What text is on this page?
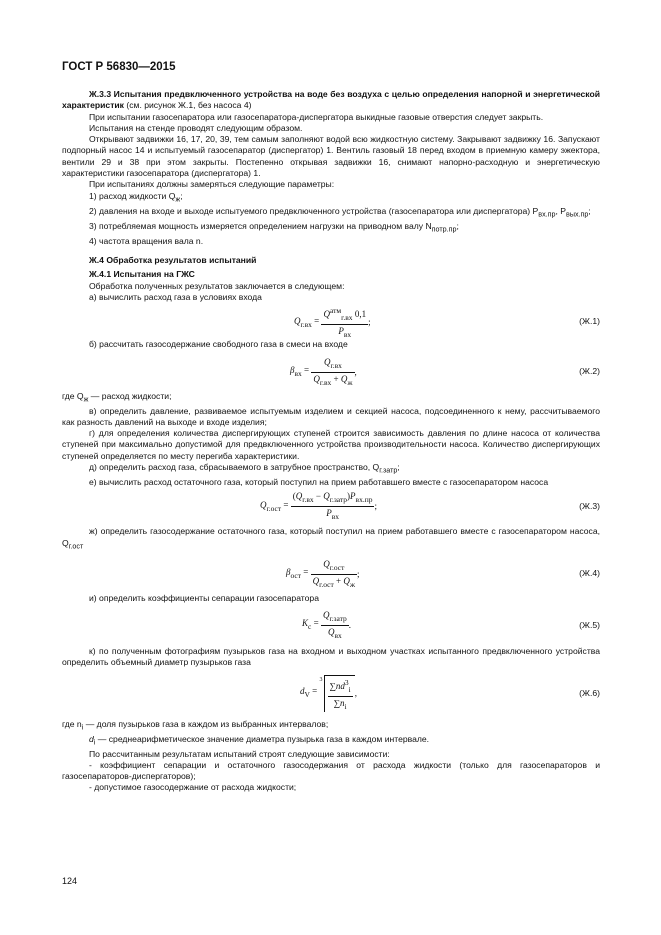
ГОСТ Р 56830—2015

Ж.3.3 Испытания предвключенного устройства на воде без воздуха с целью определения напорной и энергетической характеристик (см. рисунок Ж.1, без насоса 4)

При испытании газосепаратора или газосепаратора-диспергатора выкидные газовые отверстия следует закрыть.

Испытания на стенде проводят следующим образом.

Открывают задвижки 16, 17, 20, 39, тем самым заполняют водой всю жидкостную систему. Закрывают задвижку 16. Запускают подпорный насос 14 и испытуемый газосепаратор (диспергатор) 1. Вентиль газовый 18 перед входом в приемную камеру эжектора, вентили 29 и 38 при этом закрыты. Постепенно открывая задвижки 16, снимают напорно-расходную и энергетическую характеристики газосепаратора (диспергатора) 1.

При испытаниях должны замеряться следующие параметры:

1) расход жидкости $Q_ж$;

2) давления на входе и выходе испытуемого предвключенного устройства (газосепаратора или диспергатора) $P_{вх.пр}$, $P_{вых.пр}$;

3) потребляемая мощность измеряется определением нагрузки на приводном валу $N_{потр.пр}$;

4) частота вращения вала n.

Ж.4 Обработка результатов испытаний

Ж.4.1 Испытания на ГЖС

Обработка полученных результатов заключается в следующем:

а) вычислить расход газа в условиях входа

$Q_{г.вх}$ =
$Q^{атм}_{г.вх}$ 0,1
$P_{вх}$
;	(Ж.1)

б) рассчитать газосодержание свободного газа в смеси на входе

$\beta_{вх}$ =
$Q_{г.вх}$
$Q_{г.вх} + Q_ж$
,	(Ж.2)

где $Q_ж$ — расход жидкости;

в) определить давление, развиваемое испытуемым изделием и секцией насоса, подсоединенного к нему, рассчитываемого как разность давлений на выходе и входе изделия;

г) для определения количества диспергирующих ступеней строится зависимость давления по длине насоса от количества ступеней при максимально допустимой для предвключенного устройства производительности насоса. Количество диспергирующих ступеней определяется по месту перегиба характеристики.

д) определить расход газа, сбрасываемого в затрубное пространство, $Q_{г.затр}$;

е) вычислить расход остаточного газа, который поступил на прием работавшего вместе с газосепаратором насоса

$Q_{г.ост}$ =
$(Q_{г.вх} - Q_{г.затр})P_{вх.пр}$
$P_{вх}$
;	(Ж.3)

ж) определить газосодержание остаточного газа, который поступил на прием работавшего вместе с газосепаратором насоса, $Q_{г.ост}$

$\beta_{ост}$ =
$Q_{г.ост}$
$Q_{г.ост} + Q_ж$
;	(Ж.4)

и) определить коэффициенты сепарации газосепаратора

$K_с$ =
$Q_{г.затр}$
$Q_{вх}$
.	(Ж.5)

к) по полученным фотографиям пузырьков газа на входном и выходном участках испытанного предвключенного устройства определить объемный диаметр пузырьков газа

$d_V = ^3 \frac{\sum nd^3_i}{\sum n_i}$ ,	(Ж.6)

где $n_i$ — доля пузырьков газа в каждом из выбранных интервалов;

$d_i$ — среднеарифметическое значение диаметра пузырька газа в каждом интервале.

По рассчитанным результатам испытаний строят следующие зависимости:

- коэффициент сепарации и остаточного газосодержания от расхода жидкости (только для газосепараторов и газосепараторов-диспергаторов);

- допустимое газосодержание от расхода жидкости;

124
